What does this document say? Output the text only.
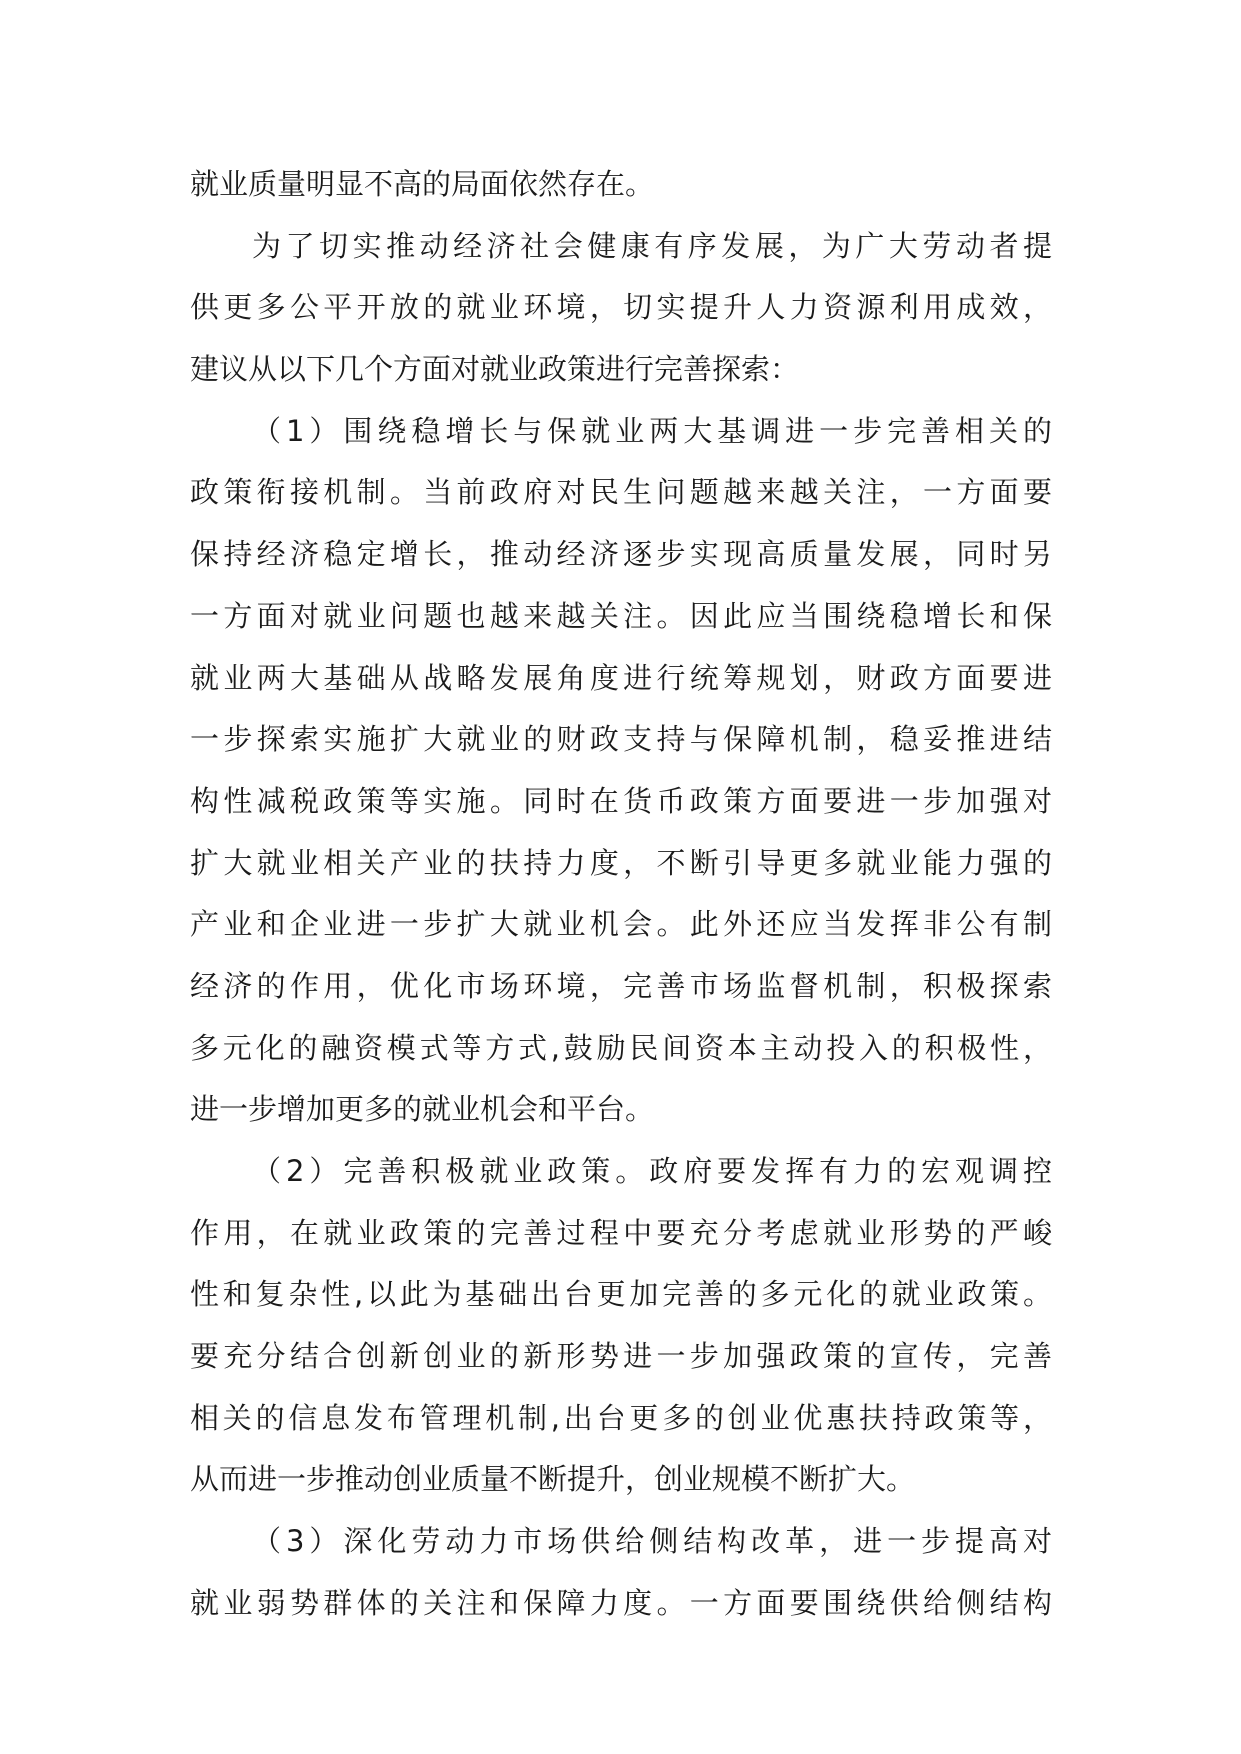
就业质量明显不高的局面依然存在。
为了切实推动经济社会健康有序发展，为广大劳动者提
供更多公平开放的就业环境，切实提升人力资源利用成效，
建议从以下几个方面对就业政策进行完善探索：
（1）围绕稳增长与保就业两大基调进一步完善相关的
政策衔接机制。当前政府对民生问题越来越关注，一方面要
保持经济稳定增长，推动经济逐步实现高质量发展，同时另
一方面对就业问题也越来越关注。因此应当围绕稳增长和保
就业两大基础从战略发展角度进行统筹规划，财政方面要进
一步探索实施扩大就业的财政支持与保障机制，稳妥推进结
构性减税政策等实施。同时在货币政策方面要进一步加强对
扩大就业相关产业的扶持力度，不断引导更多就业能力强的
产业和企业进一步扩大就业机会。此外还应当发挥非公有制
经济的作用，优化市场环境，完善市场监督机制，积极探索
多元化的融资模式等方式,鼓励民间资本主动投入的积极性，
进一步增加更多的就业机会和平台。
（2）完善积极就业政策。政府要发挥有力的宏观调控
作用，在就业政策的完善过程中要充分考虑就业形势的严峻
性和复杂性,以此为基础出台更加完善的多元化的就业政策。
要充分结合创新创业的新形势进一步加强政策的宣传，完善
相关的信息发布管理机制,出台更多的创业优惠扶持政策等，
从而进一步推动创业质量不断提升，创业规模不断扩大。
（3）深化劳动力市场供给侧结构改革，进一步提高对
就业弱势群体的关注和保障力度。一方面要围绕供给侧结构
